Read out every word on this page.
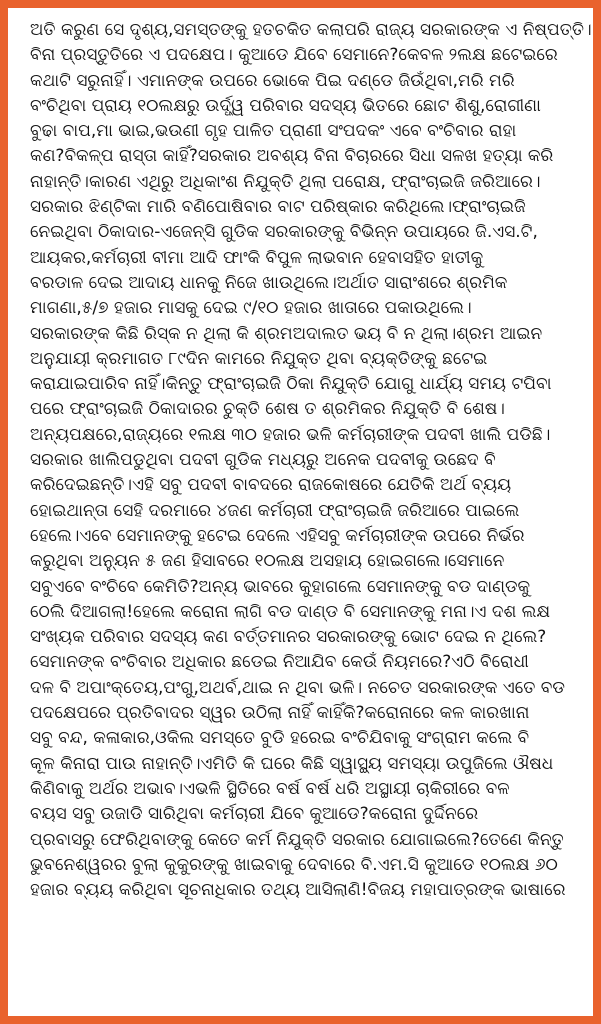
ଅତି କରୁଣ ସେ ଦୃଶ୍ୟ,ସମସ୍ତଙ୍କୁ ହତଚକିତ କଲାପରି ରାଜ୍ୟ ସରକାରଙ୍କ ଏ ନିଷ୍ପତ୍ତି।
ବିନା ପ୍ରସ୍ତୁତିରେ ଏ ପଦକ୍ଷେପ। କୁଆଡେ ଯିବେ ସେମାନେ?କେବଳ ୨ଲକ୍ଷ ଛଟେଇରେ
କଥାଟି ସରୁନାହିଁ। ଏମାନଙ୍କ ଉପରେ ଭୋକେ ପିଇ ଦଣ୍ଡେ ଜିଉଁଥିବା,ମରି ମରି
ବଂଚିଥିବା ପ୍ରାୟ ୧୦ଲକ୍ଷରୁ ଉର୍ଦ୍ଧ୍ୱ ପରିବାର ସଦସ୍ୟ ଭିତରେ ଛୋଟ ଶିଶୁ,ରୋଗୀଣା
ବୁଢା ବାପ,ମା ଭାଇ,ଭଉଣୀ ଗୃହ ପାଳିତ ପ୍ରାଣୀ ସଂପଦକଂ ଏବେ ବଂଚିବାର ରାହା
କଣ?ବିକଳ୍ପ ରାସ୍ତା କାହିଁ?ସରକାର ଅବଶ୍ୟ ବିନା ବିଚାରରେ ସିଧା ସଳଖ ହତ୍ୟା କରି
ନାହାନ୍ତି।କାରଣ ଏଥିରୁ ଅଧିକାଂଶ ନିଯୁକ୍ତି ଥିଲା ପରୋକ୍ଷ, ଫ୍ରାଂଚାଇଜି ଜରିଆରେ।
ସରକାର ଝିଣ୍ଟିକା ମାରି ବଣିପୋଷିବାର ବାଟ ପରିଷ୍କାର କରିଥିଲେ।ଫ୍ରାଂଚାଇଜି
ନେଇଥିବା ଠିକାଦାର-ଏଜେନ୍ସି ଗୁଡିକ ସରକାରଙ୍କୁ ବିଭିନ୍ନ ଉପାୟରେ ଜି.ଏସ.ଟି,
ଆୟକର,କର୍ମଚାରୀ ବୀମା ଆଦି ଫାଂକି ବିପୁଳ ଲାଭବାନ ହେବାସହିତ ହାତୀକୁ
ବରଡାଳ ଦେଇ ଆଦାୟ ଧାନକୁ ନିଜେ ଖାଉଥିଲେ।ଅର୍ଥାତ ସାରାଂଶରେ ଶ୍ରମିକ
ମାଗଣା,୫/୭ ହଜାର ମାସକୁ ଦେଇ ୯/୧୦ ହଜାର ଖାତାରେ ପକାଉଥିଲେ।
ସରକାରଙ୍କ କିଛି ରିସ୍କ ନ ଥିଲା କି ଶ୍ରମଅଦାଲତ ଭୟ ବି ନ ଥିଲା।ଶ୍ରମ ଆଇନ
ଅନୁଯାୟୀ କ୍ରମାଗତ ୮୯ଦିନ କାମରେ ନିଯୁକ୍ତ ଥିବା ବ୍ୟକ୍ତିଙ୍କୁ ଛଟେଇ
କରାଯାଇପାରିବ ନାହିଁ।କିନ୍ତୁ ଫ୍ରାଂଚାଇଜି ଠିକା ନିଯୁକ୍ତି ଯୋଗୁ ଧାର୍ଯ୍ୟ ସମୟ ଟପିବା
ପରେ ଫ୍ରାଂଚାଇଜି ଠିକାଦାରର ଚୁକ୍ତି ଶେଷ ତ ଶ୍ରମିକର ନିଯୁକ୍ତି ବି ଶେଷ।
ଅନ୍ୟପକ୍ଷରେ,ରାଜ୍ୟରେ ୧ଲକ୍ଷ ୩୦ ହଜାର ଭଳି କର୍ମଚାରୀଙ୍କ ପଦବୀ ଖାଲି ପଡିଛି।
ସରକାର ଖାଲିପଡୁଥିବା ପଦବୀ ଗୁଡିକ ମଧ୍ୟରୁ ଅନେକ ପଦବୀକୁ ଉଛେଦ ବି
କରିଦେଇଛନ୍ତି।ଏହି ସବୁ ପଦବୀ ବାବଦରେ ରାଜକୋଷରେ ଯେତିକି ଅର୍ଥ ବ୍ୟୟ
ହୋଇଥାନ୍ତା ସେହି ଦରମାରେ ୪ଜଣ କର୍ମଚାରୀ ଫ୍ରାଂଚାଇଜି ଜରିଆରେ ପାଇଲେ
ହେଲେ।ଏବେ ସେମାନଙ୍କୁ ହଟେଇ ଦେଲେ ଏହିସବୁ କର୍ମଚାରୀଙ୍କ ଉପରେ ନିର୍ଭର
କରୁଥିବା ଅନ୍ୟୁନ ୫ ଜଣ ହିସାବରେ ୧୦ଲକ୍ଷ ଅସହାୟ ହୋଇଗଲେ।ସେମାନେ
ସବୁଏବେ ବଂଚିବେ କେମିତି?ଅନ୍ୟ ଭାବରେ କୁହାଗଲେ ସେମାନଙ୍କୁ ବଡ ଦାଣ୍ଡକୁ
ଠେଲି ଦିଆଗଲା!ହେଲେ କରୋନା ଲାଗି ବଡ ଦାଣ୍ଡ ବି ସେମାନଙ୍କୁ ମନା।ଏ ଦଶ ଲକ୍ଷ
ସଂଖ୍ୟକ ପରିବାର ସଦସ୍ୟ କଣ ବର୍ତ୍ତମାନର ସରକାରଙ୍କୁ ଭୋଟ ଦେଇ ନ ଥିଲେ?
ସେମାନଙ୍କ ବଂଚିବାର ଅଧିକାର ଛଡେଇ ନିଆଯିବ କେଉଁ ନିୟମରେ?ଏଠି ବିରୋଧୀ
ଦଳ ବି ଅପାଂକ୍ତେୟ,ପଂଗୁ,ଅଥର୍ବ,ଥାଇ ନ ଥିବା ଭଳି। ନଚେତ ସରକାରଙ୍କ ଏତେ ବଡ
ପଦକ୍ଷେପରେ ପ୍ରତିବାଦର ସ୍ୱର ଉଠିଲା ନାହିଁ କାହିଁକି?କରୋନାରେ କଳ କାରଖାନା
ସବୁ ବନ୍ଦ, କଳାକାର,ଓକିଲ ସମସ୍ତେ ବୁଡି ହରେଇ ବଂଚିଯିବାକୁ ସଂଗ୍ରାମ କଲେ ବି
କୂଳ କିନାରା ପାଉ ନାହାନ୍ତି।ଏମିତି କି ଘରେ କିଛି ସ୍ୱାସ୍ଥ୍ୟ ସମସ୍ୟା ଉପୁଜିଲେ ଔଷଧ
କିଣିବାକୁ ଅର୍ଥର ଅଭାବ।ଏଭଳି ସ୍ଥିତିରେ ବର୍ଷ ବର୍ଷ ଧରି ଅସ୍ଥାୟୀ ଚାକିରୀରେ ବଳ
ବୟସ ସବୁ ଉଜାଡି ସାରିଥିବା କର୍ମଚାରୀ ଯିବେ କୁଆଡେ?କରୋନା ଦୁର୍ଦ୍ଦିନରେ
ପ୍ରବାସରୁ ଫେରିଥିବାଙ୍କୁ କେତେ କର୍ମ ନିଯୁକ୍ତି ସରକାର ଯୋଗାଇଲେ?ତେଣେ କିନ୍ତୁ
ଭୁବନେଶ୍ୱରର ବୁଲା କୁକୁରଙ୍କୁ ଖାଇବାକୁ ଦେବାରେ ବି.ଏମ.ସି କୁଆଡେ ୧୦ଲକ୍ଷ ୬୦
ହଜାର ବ୍ୟୟ କରିଥିବା ସୂଚନାଧିକାର ତଥ୍ୟ ଆସିଲାଣି!ବିଜୟ ମହାପାତ୍ରଙ୍କ ଭାଷାରେ
